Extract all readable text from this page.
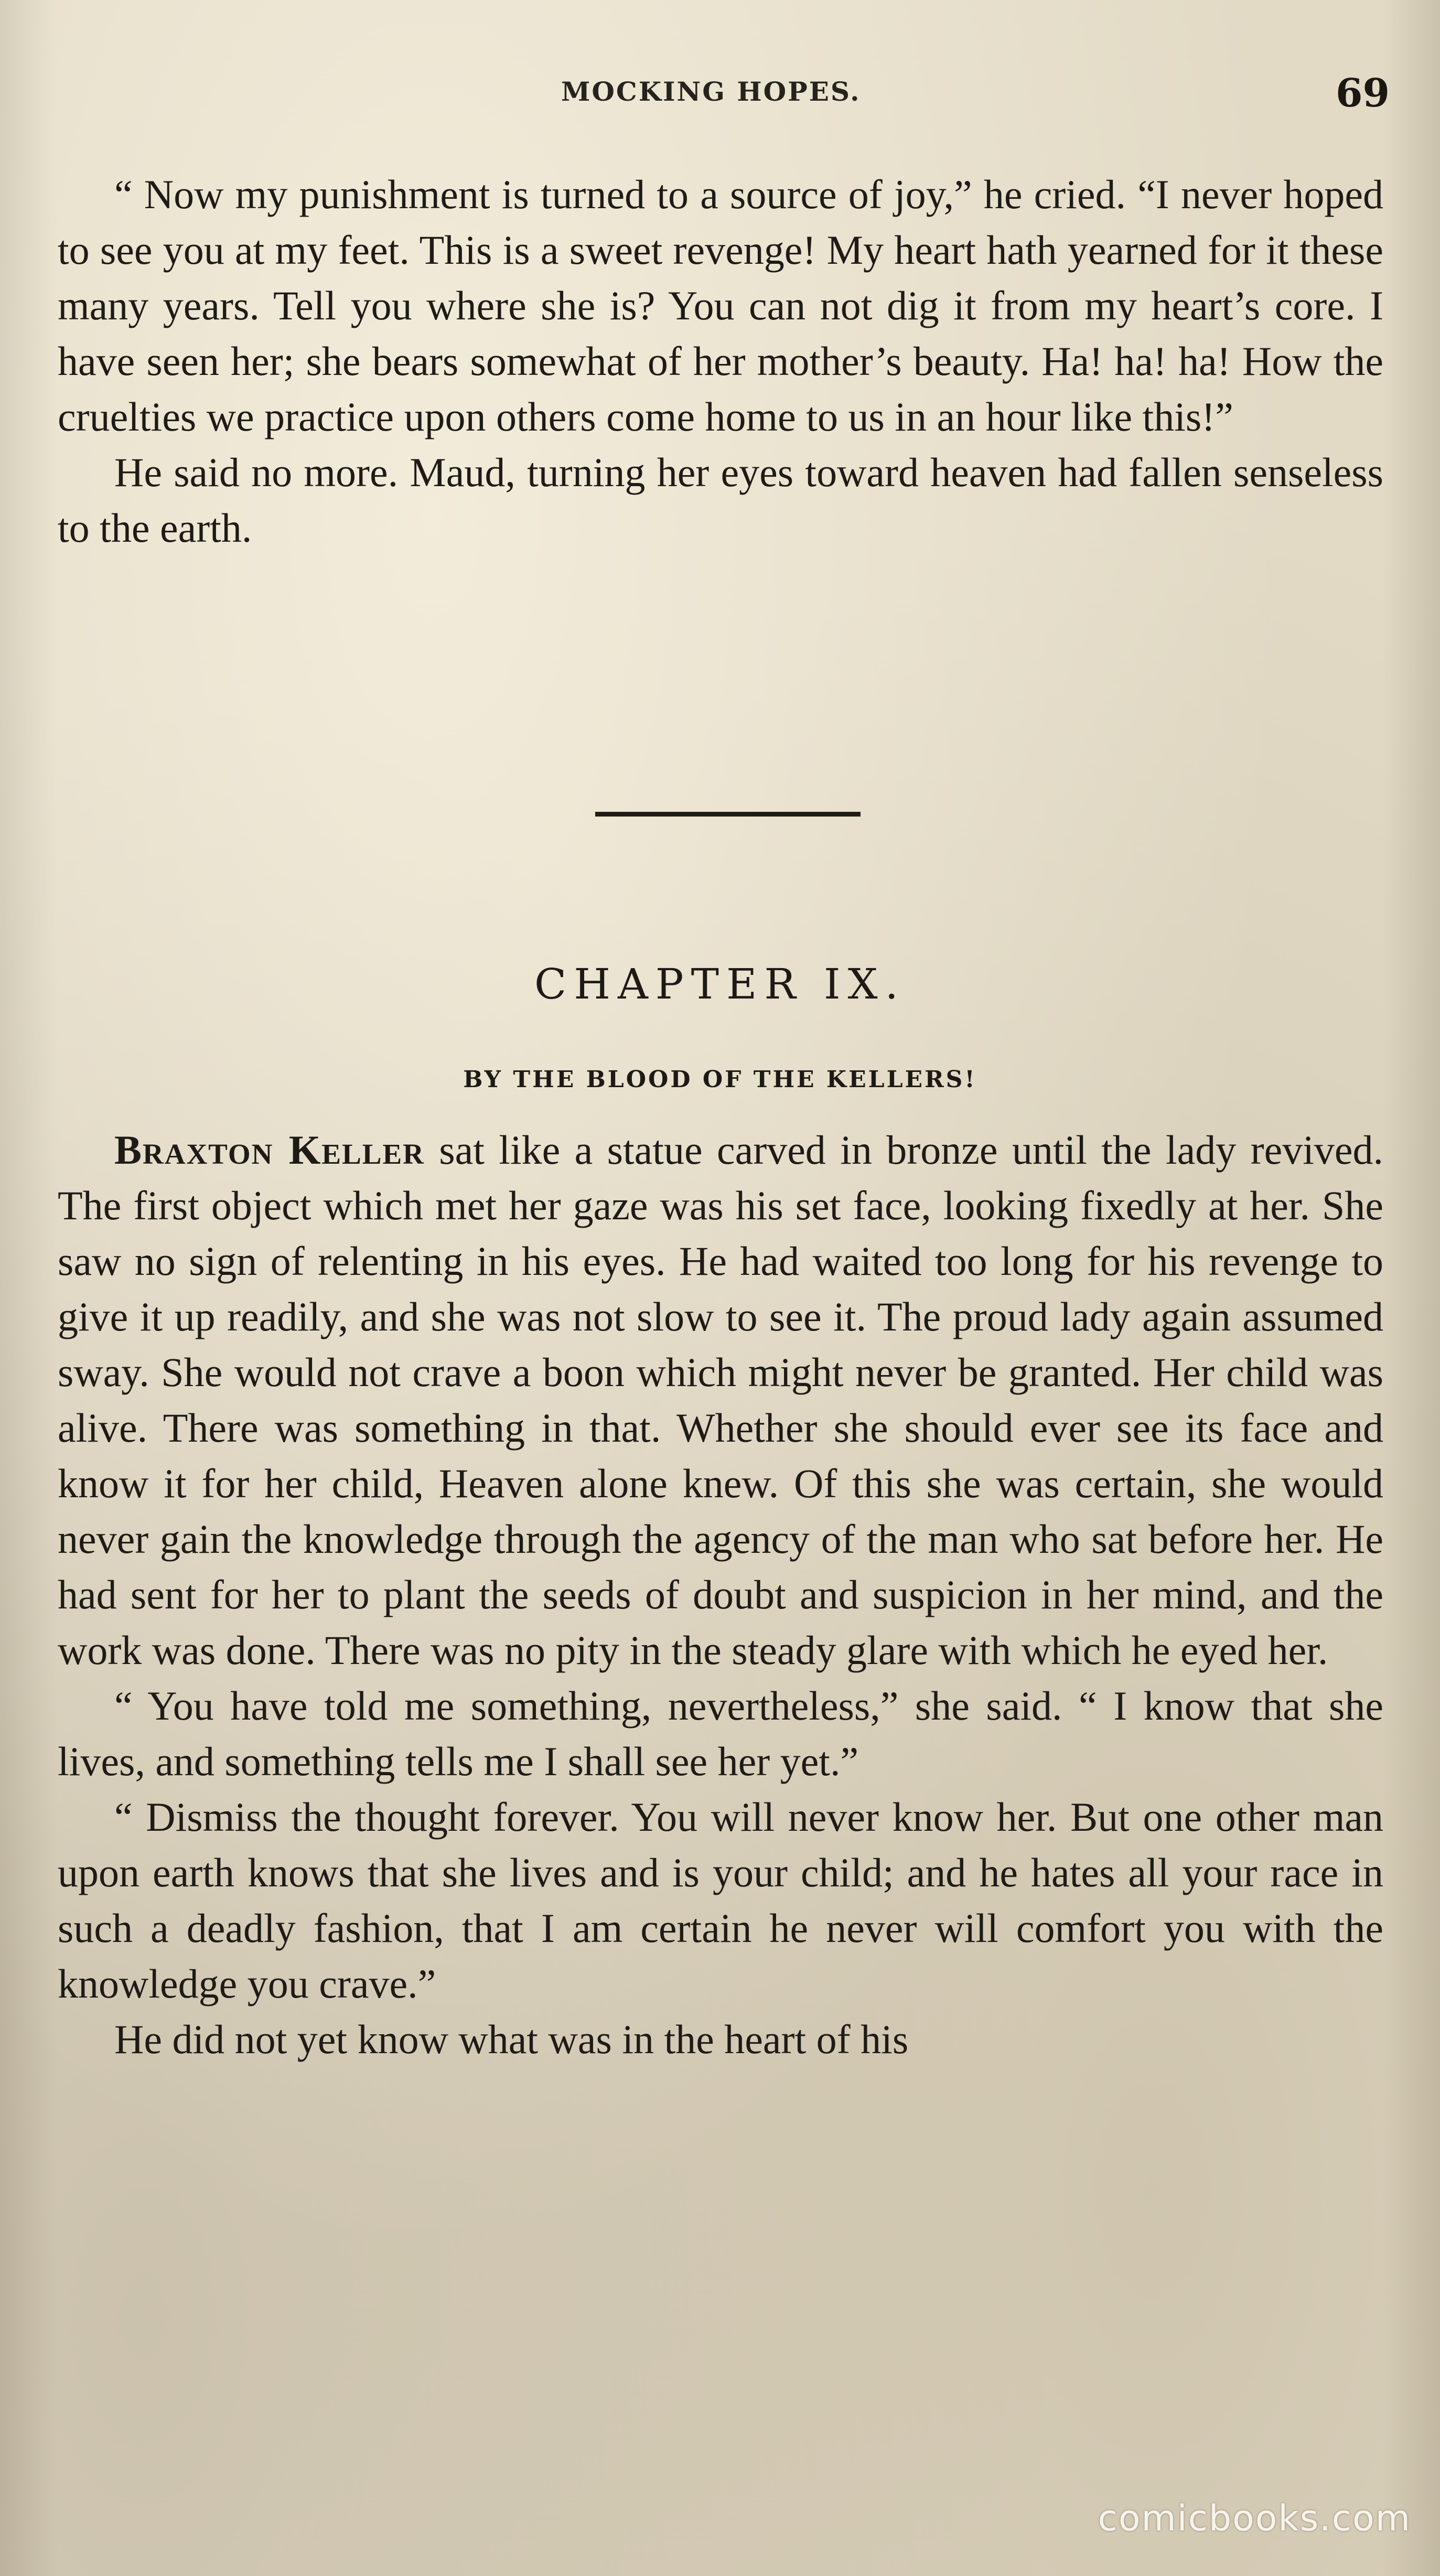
MOCKING HOPES.	69

“ Now my punishment is turned to a source of joy,” he cried. “I never hoped to see you at my feet. This is a sweet revenge! My heart hath yearned for it these many years. Tell you where she is? You can not dig it from my heart’s core. I have seen her; she bears somewhat of her mother’s beauty. Ha! ha! ha! How the cruelties we practice upon others come home to us in an hour like this!”

He said no more. Maud, turning her eyes toward heaven had fallen senseless to the earth.

CHAPTER IX.
BY THE BLOOD OF THE KELLERS!

Braxton Keller sat like a statue carved in bronze until the lady revived. The first object which met her gaze was his set face, looking fixedly at her. She saw no sign of relenting in his eyes. He had waited too long for his revenge to give it up readily, and she was not slow to see it. The proud lady again assumed sway. She would not crave a boon which might never be granted. Her child was alive. There was something in that. Whether she should ever see its face and know it for her child, Heaven alone knew. Of this she was certain, she would never gain the knowledge through the agency of the man who sat before her. He had sent for her to plant the seeds of doubt and suspicion in her mind, and the work was done. There was no pity in the steady glare with which he eyed her.

“ You have told me something, nevertheless,” she said. “ I know that she lives, and something tells me I shall see her yet.”

“ Dismiss the thought forever. You will never know her. But one other man upon earth knows that she lives and is your child; and he hates all your race in such a deadly fashion, that I am certain he never will comfort you with the knowledge you crave.”

He did not yet know what was in the heart of his

comicbooks.com
